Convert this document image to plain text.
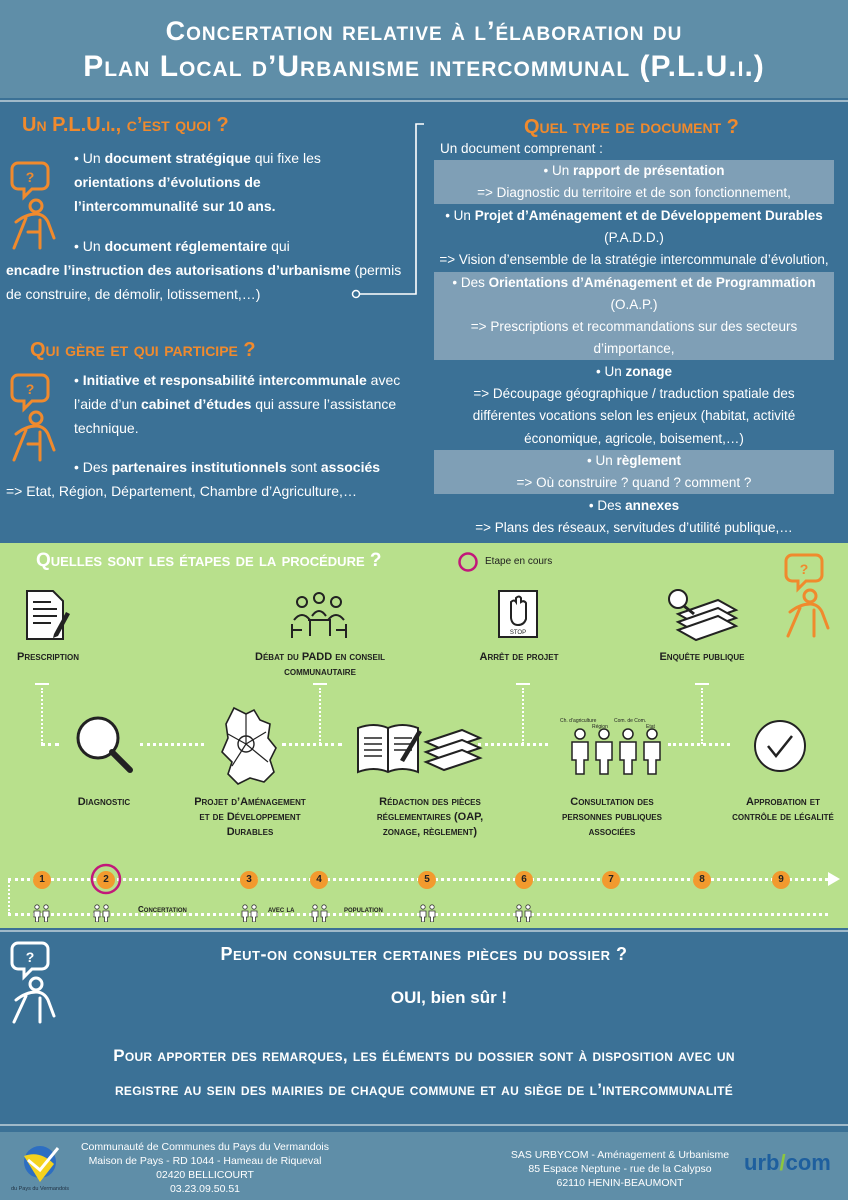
Concertation relative à l’élaboration du
Plan Local d’Urbanisme intercommunal (P.L.U.i.)
Un P.L.U.i., c’est quoi ?
?
• Un document stratégique qui fixe les orientations d’évolutions de l’intercommunalité sur 10 ans.
• Un document réglementaire qui
encadre l’instruction des autorisations d’urbanisme (permis de construire, de démolir, lotissement,…)
Qui gère et qui participe ?
?
• Initiative et responsabilité intercommunale avec l’aide d’un cabinet d’études qui assure l’assistance technique.
• Des partenaires institutionnels sont associés
=> Etat, Région, Département, Chambre d’Agriculture,…
Quel type de document ?
Un document comprenant :
• Un rapport de présentation
=> Diagnostic du territoire et de son fonctionnement,
• Un Projet d’Aménagement et de Développement Durables
(P.A.D.D.)
=> Vision d’ensemble de la stratégie intercommunale d’évolution,
• Des Orientations d’Aménagement et de Programmation
(O.A.P.)
=> Prescriptions et recommandations sur des secteurs
d’importance,
• Un zonage
=> Découpage géographique / traduction spatiale des
différentes vocations selon les enjeux (habitat, activité
économique, agricole, boisement,…)
• Un règlement
=> Où construire ? quand ? comment ?
• Des annexes
=> Plans des réseaux, servitudes d’utilité publique,…
Quelles sont les étapes de la procédure ?	Etape en cours	?
STOP
Prescription	Débat du PADD en conseil communautaire
Arrêt de projet	Enquête publique
Ch. d’agriculture
Région
Com. de Com.
Etat
Diagnostic	Projet d’Aménagement et de Développement Durables
Rédaction des pièces réglementaires (OAP, zonage, règlement)
Consultation des personnes publiques associées
Approbation et contrôle de légalité
1	2	3	4	5	6	7	8	9
Concertation	avec la	population
?	Peut-on consulter certaines pièces du dossier ?
OUI, bien sûr !
Pour apporter des remarques, les éléments du dossier sont à disposition avec un
registre au sein des mairies de chaque commune et au siège de l’intercommunalité
du Pays du Vermandois
Communauté de Communes du Pays du Vermandois
Maison de Pays - RD 1044 - Hameau de Riqueval
02420 BELLICOURT
03.23.09.50.51
SAS URBYCOM - Aménagement & Urbanisme
85 Espace Neptune - rue de la Calypso
62110 HENIN-BEAUMONT
urb/com
